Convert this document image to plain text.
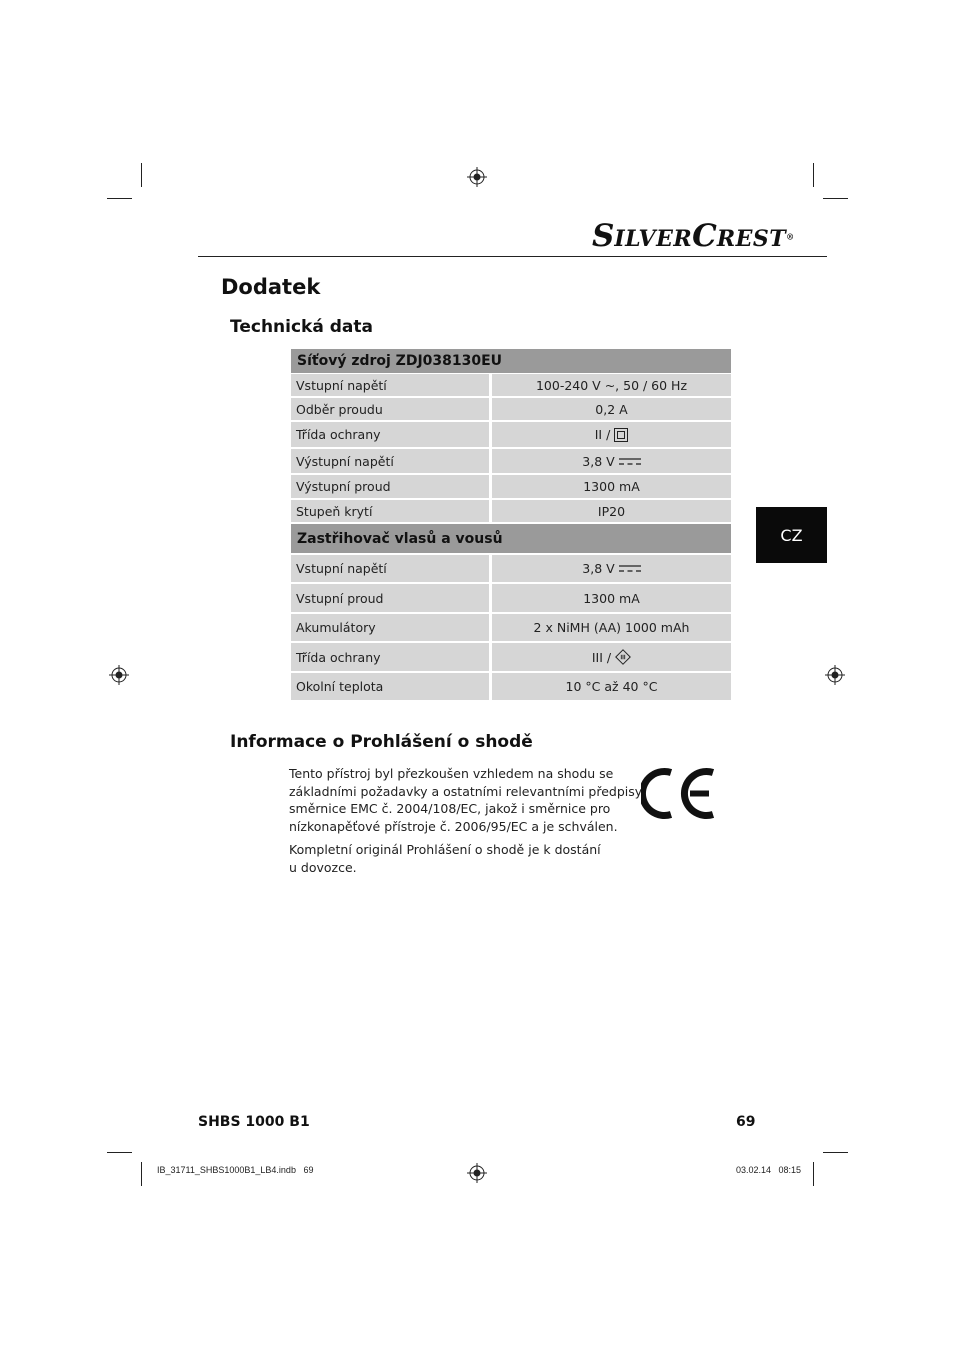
SILVERCREST®
Dodatek
Technická data
Síťový zdroj ZDJ038130EU
Vstupní napětí	100-240 V ~, 50 / 60 Hz
Odběr proudu	0,2 A
Třída ochrany	II /
Výstupní napětí	3,8 V
Výstupní proud	1300 mA
Stupeň krytí	IP20
Zastřihovač vlasů a vousů
Vstupní napětí	3,8 V
Vstupní proud	1300 mA
Akumulátory	2 x NiMH (AA) 1000 mAh
Třída ochrany	III /
Okolní teplota	10 °C až 40 °C
CZ
Informace o Prohlášení o shodě
Tento přístroj byl přezkoušen vzhledem na shodu se
základními požadavky a ostatními relevantními předpisy
směrnice EMC č. 2004/108/EC, jakož i směrnice pro
nízkonapěťové přístroje č. 2006/95/EC a je schválen.
Kompletní originál Prohlášení o shodě je k dostání
u dovozce.
SHBS 1000 B1	69
IB_31711_SHBS1000B1_LB4.indb   69	03.02.14   08:15
